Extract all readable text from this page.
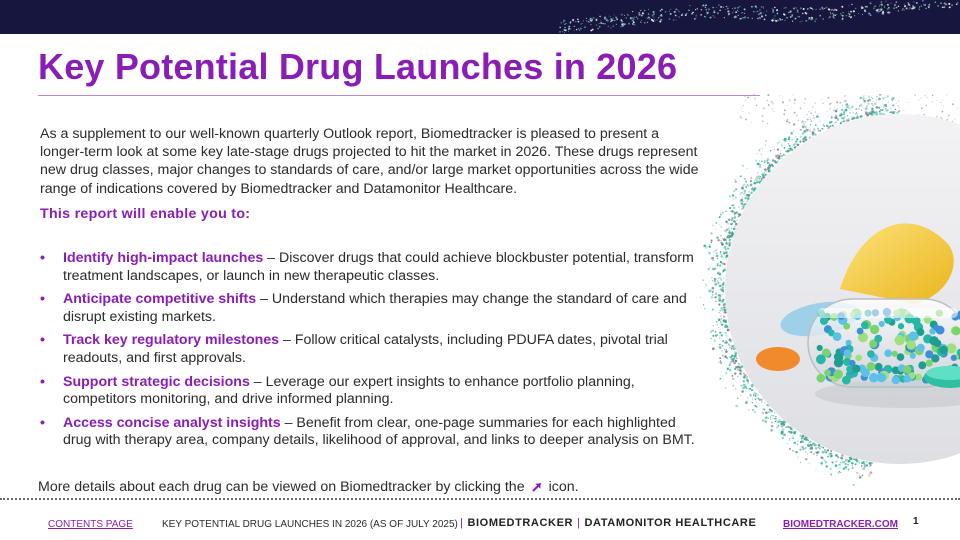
Key Potential Drug Launches in 2026

As a supplement to our well-known quarterly Outlook report, Biomedtracker is pleased to present a longer-term look at some key late-stage drugs projected to hit the market in 2026. These drugs represent new drug classes, major changes to standards of care, and/or large market opportunities across the wide range of indications covered by Biomedtracker and Datamonitor Healthcare.

This report will enable you to:

• Identify high-impact launches – Discover drugs that could achieve blockbuster potential, transform treatment landscapes, or launch in new therapeutic classes.
• Anticipate competitive shifts – Understand which therapies may change the standard of care and disrupt existing markets.
• Track key regulatory milestones – Follow critical catalysts, including PDUFA dates, pivotal trial readouts, and first approvals.
• Support strategic decisions – Leverage our expert insights to enhance portfolio planning, competitors monitoring, and drive informed planning.
• Access concise analyst insights – Benefit from clear, one-page summaries for each highlighted drug with therapy area, company details, likelihood of approval, and links to deeper analysis on BMT.

More details about each drug can be viewed on Biomedtracker by clicking the icon.

CONTENTS PAGE	KEY POTENTIAL DRUG LAUNCHES IN 2026 (AS OF JULY 2025) | BIOMEDTRACKER | DATAMONITOR HEALTHCARE	BIOMEDTRACKER.COM 1
